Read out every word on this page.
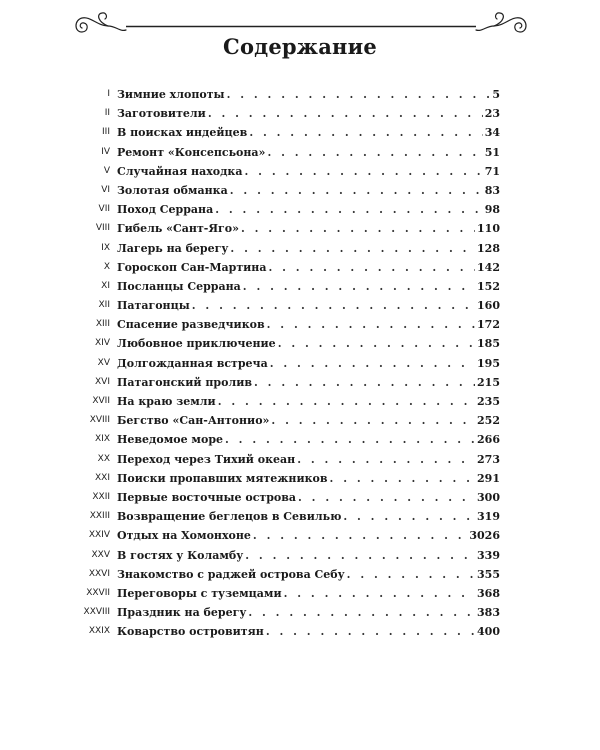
Содержание
I Зимние хлопоты . . .	5
II Заготовители . . .	23
III В поисках индейцев . . .	34
IV Ремонт «Консепсьона» . . .	51
V Случайная находка . . .	71
VI Золотая обманка . . .	83
VII Поход Серрана . . .	98
VIII Гибель «Сант-Яго» . . .	110
IX Лагерь на берегу . . .	128
X Гороскоп Сан-Мартина . . .	142
XI Посланцы Серрана . . .	152
XII Патагонцы . . .	160
XIII Спасение разведчиков . . .	172
XIV Любовное приключение . . .	185
XV Долгожданная встреча . . .	195
XVI Патагонский пролив . . .	215
XVII На краю земли . . .	235
XVIII Бегство «Сан-Антонио» . . .	252
XIX Неведомое море . . .	266
XX Переход через Тихий океан . . .	273
XXI Поиски пропавших мятежников . . .	291
XXII Первые восточные острова . . .	300
XXIII Возвращение беглецов в Севилью . . .	319
XXIV Отдых на Хомонхоне . . .	3026
XXV В гостях у Коламбу . . .	339
XXVI Знакомство с раджей острова Себу . . .	355
XXVII Переговоры с туземцами . . .	368
XXVIII Праздник на берегу . . .	383
XXIX Коварство островитян . . .	400
